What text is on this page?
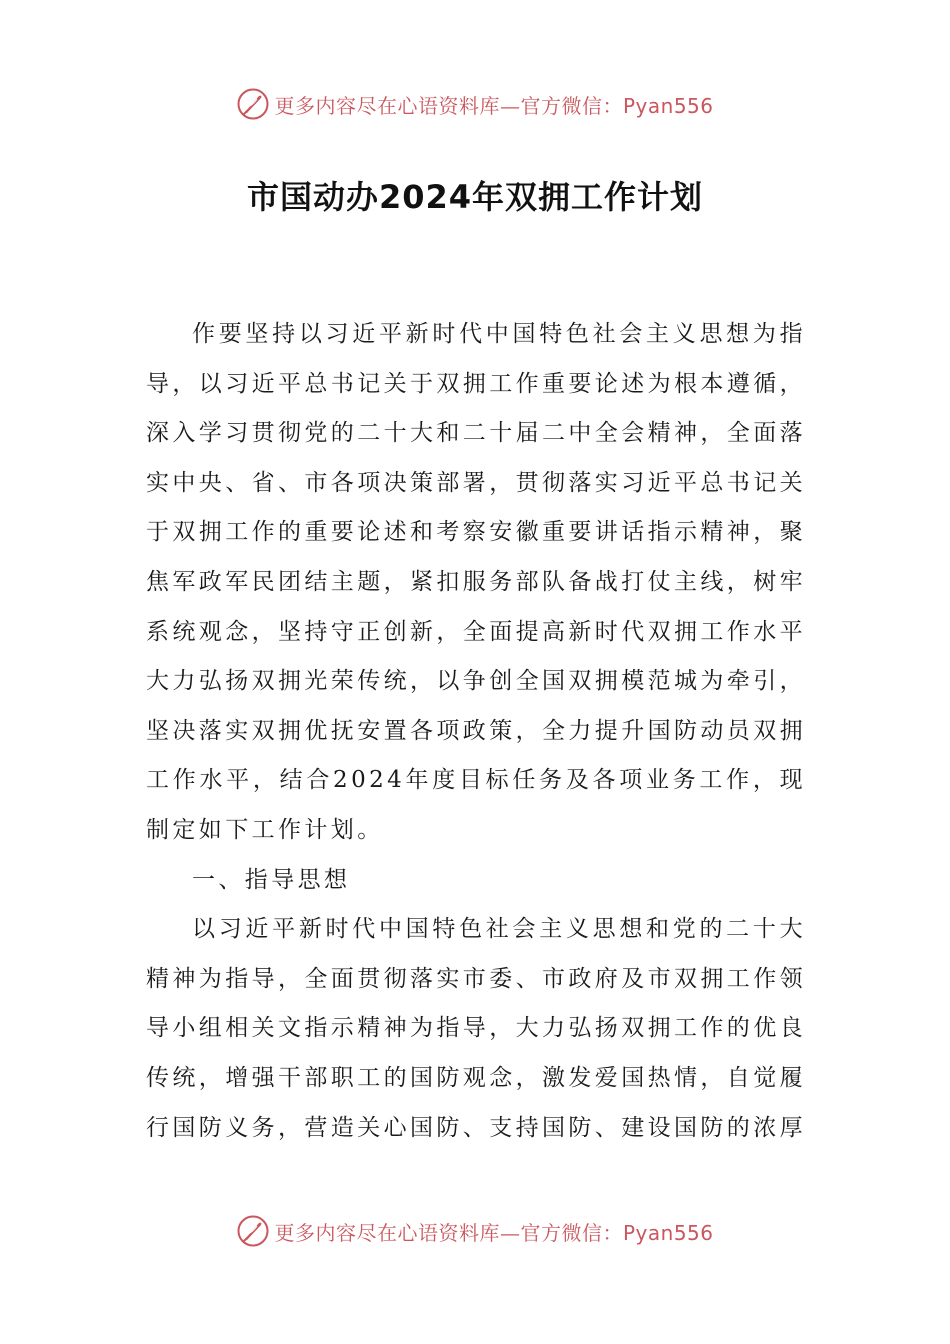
更多内容尽在心语资料库—官方微信：Pyan556
市国动办2024年双拥工作计划

作要坚持以习近平新时代中国特色社会主义思想为指导，以习近平总书记关于双拥工作重要论述为根本遵循，深入学习贯彻党的二十大和二十届二中全会精神，全面落实中央、省、市各项决策部署，贯彻落实习近平总书记关于双拥工作的重要论述和考察安徽重要讲话指示精神，聚焦军政军民团结主题，紧扣服务部队备战打仗主线，树牢系统观念，坚持守正创新，全面提高新时代双拥工作水平大力弘扬双拥光荣传统，以争创全国双拥模范城为牵引，坚决落实双拥优抚安置各项政策，全力提升国防动员双拥工作水平，结合2024年度目标任务及各项业务工作，现制定如下工作计划。

一、指导思想

以习近平新时代中国特色社会主义思想和党的二十大精神为指导，全面贯彻落实市委、市政府及市双拥工作领导小组相关文指示精神为指导，大力弘扬双拥工作的优良传统，增强干部职工的国防观念，激发爱国热情，自觉履行国防义务，营造关心国防、支持国防、建设国防的浓厚

更多内容尽在心语资料库—官方微信：Pyan556
